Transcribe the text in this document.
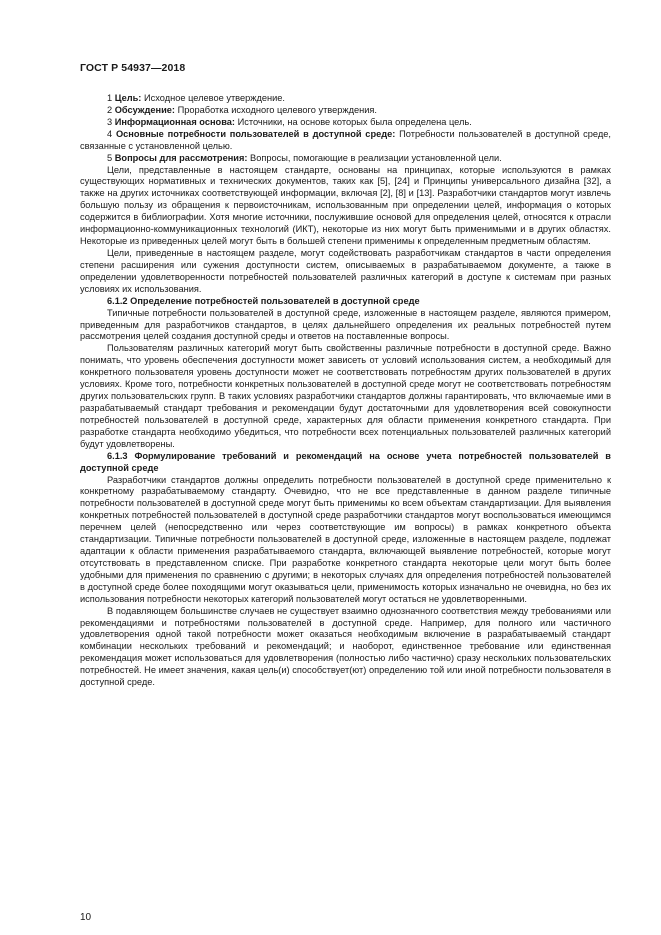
ГОСТ Р 54937—2018

1 Цель: Исходное целевое утверждение.

2 Обсуждение: Проработка исходного целевого утверждения.

3 Информационная основа: Источники, на основе которых была определена цель.

4 Основные потребности пользователей в доступной среде: Потребности пользователей в доступной среде, связанные с установленной целью.

5 Вопросы для рассмотрения: Вопросы, помогающие в реализации установленной цели.

Цели, представленные в настоящем стандарте, основаны на принципах, которые используются в рамках существующих нормативных и технических документов, таких как [5], [24] и Принципы универсального дизайна [32], а также на других источниках соответствующей информации, включая [2], [8] и [13]. Разработчики стандартов могут извлечь большую пользу из обращения к первоисточникам, использованным при определении целей, информация о которых содержится в библиографии. Хотя многие источники, послужившие основой для определения целей, относятся к отрасли информационно-коммуникационных технологий (ИКТ), некоторые из них могут быть применимыми и в других областях. Некоторые из приведенных целей могут быть в большей степени применимы к определенным предметным областям.

Цели, приведенные в настоящем разделе, могут содействовать разработчикам стандартов в части определения степени расширения или сужения доступности систем, описываемых в разрабатываемом документе, а также в определении удовлетворенности потребностей пользователей различных категорий в доступе к системам при разных условиях их использования.

6.1.2 Определение потребностей пользователей в доступной среде

Типичные потребности пользователей в доступной среде, изложенные в настоящем разделе, являются примером, приведенным для разработчиков стандартов, в целях дальнейшего определения их реальных потребностей путем рассмотрения целей создания доступной среды и ответов на поставленные вопросы.

Пользователям различных категорий могут быть свойственны различные потребности в доступной среде. Важно понимать, что уровень обеспечения доступности может зависеть от условий использования систем, а необходимый для конкретного пользователя уровень доступности может не соответствовать потребностям других пользователей в других условиях. Кроме того, потребности конкретных пользователей в доступной среде могут не соответствовать потребностям других пользовательских групп. В таких условиях разработчики стандартов должны гарантировать, что включаемые ими в разрабатываемый стандарт требования и рекомендации будут достаточными для удовлетворения всей совокупности потребностей пользователей в доступной среде, характерных для области применения конкретного стандарта. При разработке стандарта необходимо убедиться, что потребности всех потенциальных пользователей различных категорий будут удовлетворены.

6.1.3 Формулирование требований и рекомендаций на основе учета потребностей пользователей в доступной среде

Разработчики стандартов должны определить потребности пользователей в доступной среде применительно к конкретному разрабатываемому стандарту. Очевидно, что не все представленные в данном разделе типичные потребности пользователей в доступной среде могут быть применимы ко всем объектам стандартизации. Для выявления конкретных потребностей пользователей в доступной среде разработчики стандартов могут воспользоваться имеющимся перечнем целей (непосредственно или через соответствующие им вопросы) в рамках конкретного объекта стандартизации. Типичные потребности пользователей в доступной среде, изложенные в настоящем разделе, подлежат адаптации к области применения разрабатываемого стандарта, включающей выявление потребностей, которые могут отсутствовать в представленном списке. При разработке конкретного стандарта некоторые цели могут быть более удобными для применения по сравнению с другими; в некоторых случаях для определения потребностей пользователей в доступной среде более походящими могут оказываться цели, применимость которых изначально не очевидна, но без их использования потребности некоторых категорий пользователей могут остаться не удовлетворенными.

В подавляющем большинстве случаев не существует взаимно однозначного соответствия между требованиями или рекомендациями и потребностями пользователей в доступной среде. Например, для полного или частичного удовлетворения одной такой потребности может оказаться необходимым включение в разрабатываемый стандарт комбинации нескольких требований и рекомендаций; и наоборот, единственное требование или единственная рекомендация может использоваться для удовлетворения (полностью либо частично) сразу нескольких пользовательских потребностей. Не имеет значения, какая цель(и) способствует(ют) определению той или иной потребности пользователя в доступной среде.

10
